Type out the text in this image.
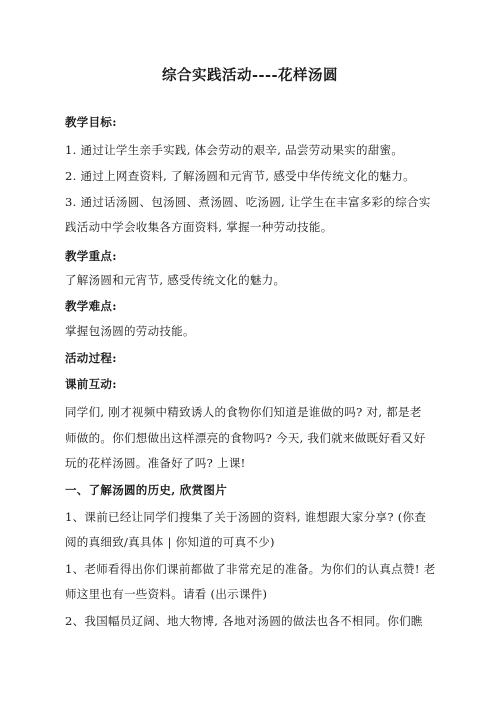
综合实践活动----花样汤圆
教学目标:
1. 通过让学生亲手实践, 体会劳动的艰辛, 品尝劳动果实的甜蜜。
2. 通过上网查资料, 了解汤圆和元宵节, 感受中华传统文化的魅力。
3. 通过话汤圆、包汤圆、煮汤圆、吃汤圆, 让学生在丰富多彩的综合实
践活动中学会收集各方面资料, 掌握一种劳动技能。
教学重点:
了解汤圆和元宵节, 感受传统文化的魅力。
教学难点:
掌握包汤圆的劳动技能。
活动过程:
课前互动:
同学们, 刚才视频中精致诱人的食物你们知道是谁做的吗? 对, 都是老
师做的。你们想做出这样漂亮的食物吗? 今天, 我们就来做既好看又好
玩的花样汤圆。准备好了吗? 上课!
一、了解汤圆的历史, 欣赏图片
1、课前已经让同学们搜集了关于汤圆的资料, 谁想跟大家分享? (你查
阅的真细致/真具体 | 你知道的可真不少)
1、老师看得出你们课前都做了非常充足的准备。为你们的认真点赞! 老
师这里也有一些资料。请看 (出示课件)
2、我国幅员辽阔、地大物博, 各地对汤圆的做法也各不相同。你们瞧
